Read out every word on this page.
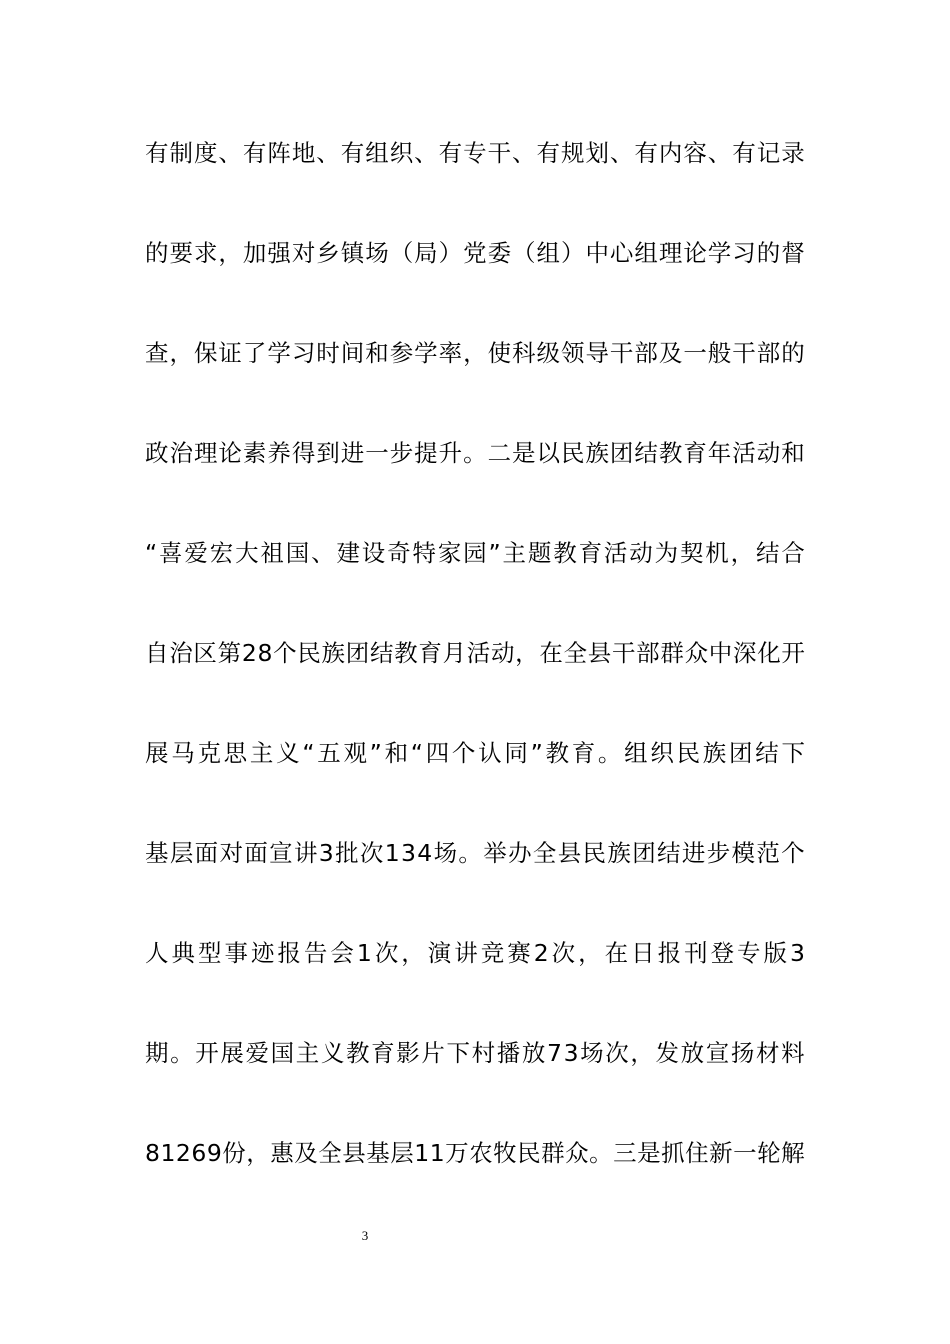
有 制 度 、 有 阵 地 、 有 组 织 、 有 专 干 、 有 规 划 、 有 内 容 、 有 记 录
的 要 求 ， 加 强 对 乡 镇 场 （ 局 ） 党 委 （ 组 ） 中 心 组 理 论 学 习 的 督
查 ， 保 证 了 学 习 时 间 和 参 学 率 ， 使 科 级 领 导 干 部 及 一 般 干 部 的
政 治 理 论 素 养 得 到 进 一 步 提 升 。 二 是 以 民 族 团 结 教 育 年 活 动 和
“ 喜 爱 宏 大 祖 国 、 建 设 奇 特 家 园 ” 主 题 教 育 活 动 为 契 机 ， 结 合
自 治 区 第 2 8 个 民 族 团 结 教 育 月 活 动 ， 在 全 县 干 部 群 众 中 深 化 开
展 马 克 思 主 义 “ 五 观 ” 和 “ 四 个 认 同 ” 教 育 。 组 织 民 族 团 结 下
基 层 面 对 面 宣 讲 3 批 次 1 3 4 场 。 举 办 全 县 民 族 团 结 进 步 模 范 个
人 典 型 事 迹 报 告 会 1 次 ， 演 讲 竞 赛 2 次 ， 在 日 报 刊 登 专 版 3
期 。 开 展 爱 国 主 义 教 育 影 片 下 村 播 放 7 3 场 次 ， 发 放 宣 扬 材 料
8 1 2 6 9 份 ， 惠 及 全 县 基 层 1 1 万 农 牧 民 群 众 。 三 是 抓 住 新 一 轮 解
3
